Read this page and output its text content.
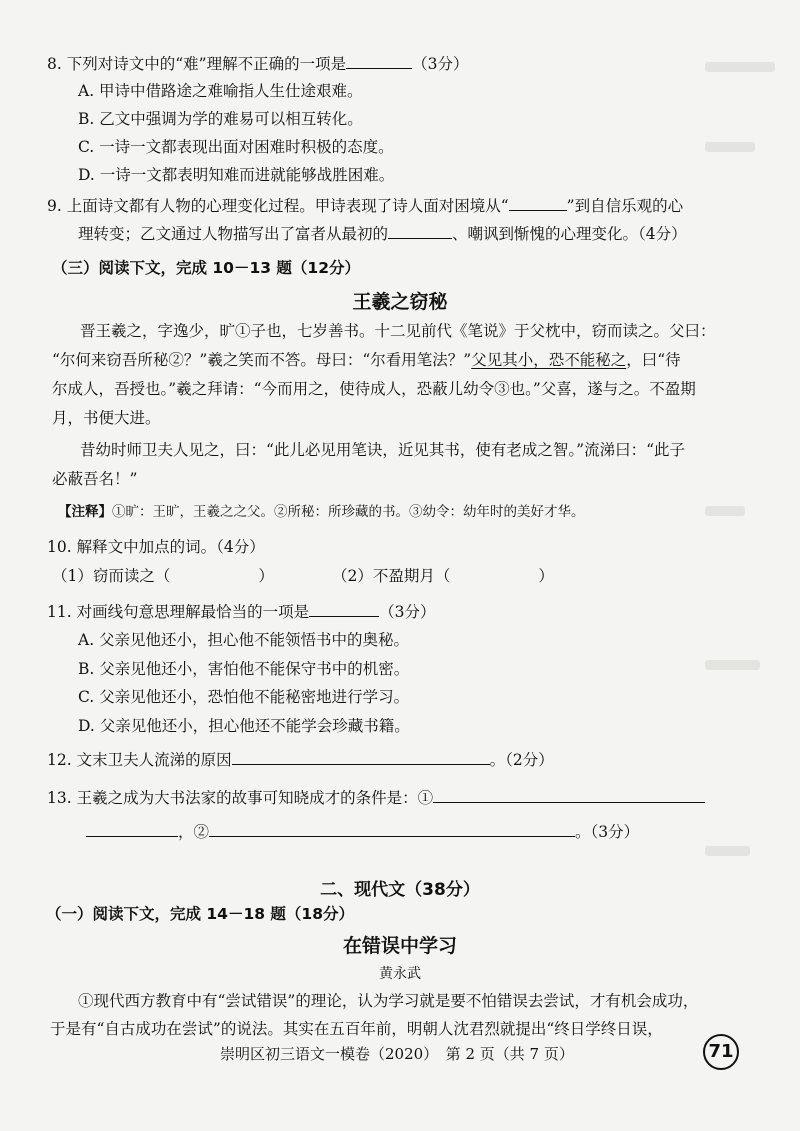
8. 下列对诗文中的“难”理解不正确的一项是	（3分）
A. 甲诗中借路途之难喻指人生仕途艰难。
B. 乙文中强调为学的难易可以相互转化。
C. 一诗一文都表现出面对困难时积极的态度。
D. 一诗一文都表明知难而进就能够战胜困难。
9. 上面诗文都有人物的心理变化过程。甲诗表现了诗人面对困境从“	”到自信乐观的心
理转变；乙文通过人物描写出了富者从最初的	、嘲讽到惭愧的心理变化。（4分）
（三）阅读下文，完成 10－13 题（12分）
王羲之窃秘
晋王羲之，字逸少，旷①子也，七岁善书。十二见前代《笔说》于父枕中，窃而读之。父曰：
“尔何来窃吾所秘②？”羲之笑而不答。母曰：“尔看用笔法？”父见其小，恐不能秘之，曰“待
尔成人，吾授也。”羲之拜请：“今而用之，使待成人，恐蔽儿幼令③也。”父喜，遂与之。不盈期
月，书便大进。
昔幼时师卫夫人见之，曰：“此儿必见用笔诀，近见其书，使有老成之智。”流涕曰：“此子
必蔽吾名！”
【注释】①旷：王旷，王羲之之父。②所秘：所珍藏的书。③幼令：幼年时的美好才华。
10. 解释文中加点的词。（4分）
（1）窃而读之（	）	（2）不盈期月（	）
11. 对画线句意思理解最恰当的一项是	（3分）
A. 父亲见他还小，担心他不能领悟书中的奥秘。
B. 父亲见他还小，害怕他不能保守书中的机密。
C. 父亲见他还小，恐怕他不能秘密地进行学习。
D. 父亲见他还小，担心他还不能学会珍藏书籍。
12. 文末卫夫人流涕的原因	。（2分）
13. 王羲之成为大书法家的故事可知晓成才的条件是：①
，②	。（3分）
二、现代文（38分）
（一）阅读下文，完成 14－18 题（18分）
在错误中学习
黄永武
①现代西方教育中有“尝试错误”的理论，认为学习就是要不怕错误去尝试，才有机会成功，
于是有“自古成功在尝试”的说法。其实在五百年前，明朝人沈君烈就提出“终日学终日误，
崇明区初三语文一模卷（2020）　第 2 页（共 7 页）	71
